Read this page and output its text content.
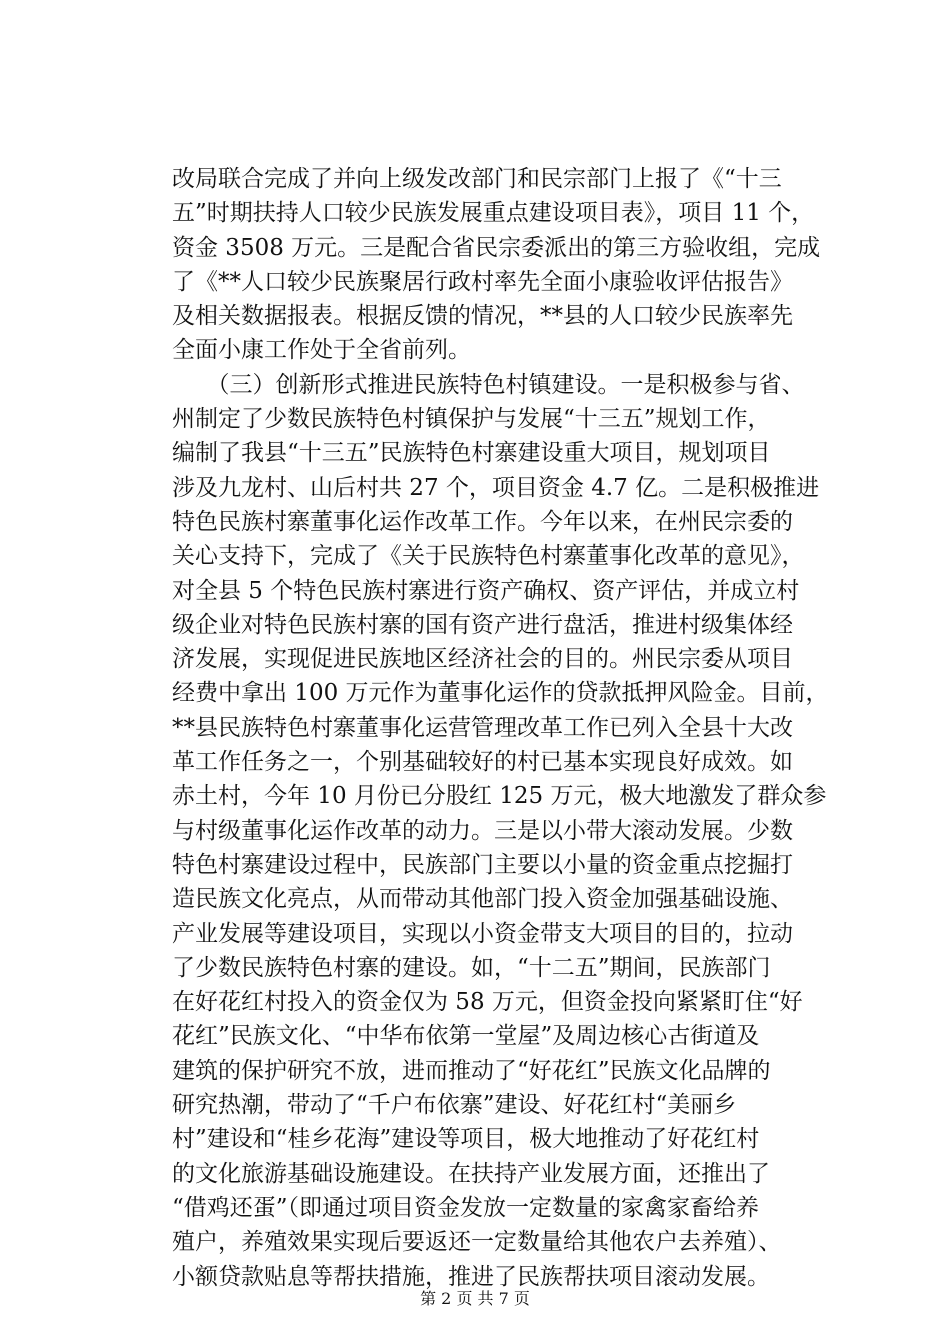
改局联合完成了并向上级发改部门和民宗部门上报了《“十三
五”时期扶持人口较少民族发展重点建设项目表》，项目 11 个，
资金 3508 万元。三是配合省民宗委派出的第三方验收组，完成
了《**人口较少民族聚居行政村率先全面小康验收评估报告》
及相关数据报表。根据反馈的情况，**县的人口较少民族率先
全面小康工作处于全省前列。
　　（三）创新形式推进民族特色村镇建设。一是积极参与省、
州制定了少数民族特色村镇保护与发展“十三五”规划工作，
编制了我县“十三五”民族特色村寨建设重大项目，规划项目
涉及九龙村、山后村共 27 个，项目资金 4.7 亿。二是积极推进
特色民族村寨董事化运作改革工作。今年以来，在州民宗委的
关心支持下，完成了《关于民族特色村寨董事化改革的意见》，
对全县 5 个特色民族村寨进行资产确权、资产评估，并成立村
级企业对特色民族村寨的国有资产进行盘活，推进村级集体经
济发展，实现促进民族地区经济社会的目的。州民宗委从项目
经费中拿出 100 万元作为董事化运作的贷款抵押风险金。目前，
**县民族特色村寨董事化运营管理改革工作已列入全县十大改
革工作任务之一，个别基础较好的村已基本实现良好成效。如
赤土村，今年 10 月份已分股红 125 万元，极大地激发了群众参
与村级董事化运作改革的动力。三是以小带大滚动发展。少数
特色村寨建设过程中，民族部门主要以小量的资金重点挖掘打
造民族文化亮点，从而带动其他部门投入资金加强基础设施、
产业发展等建设项目，实现以小资金带支大项目的目的，拉动
了少数民族特色村寨的建设。如，“十二五”期间，民族部门
在好花红村投入的资金仅为 58 万元，但资金投向紧紧盯住“好
花红”民族文化、“中华布依第一堂屋”及周边核心古街道及
建筑的保护研究不放，进而推动了“好花红”民族文化品牌的
研究热潮，带动了“千户布依寨”建设、好花红村“美丽乡
村”建设和“桂乡花海”建设等项目，极大地推动了好花红村
的文化旅游基础设施建设。在扶持产业发展方面，还推出了
“借鸡还蛋”（即通过项目资金发放一定数量的家禽家畜给养
殖户，养殖效果实现后要返还一定数量给其他农户去养殖）、
小额贷款贴息等帮扶措施，推进了民族帮扶项目滚动发展。
第 2 页 共 7 页
